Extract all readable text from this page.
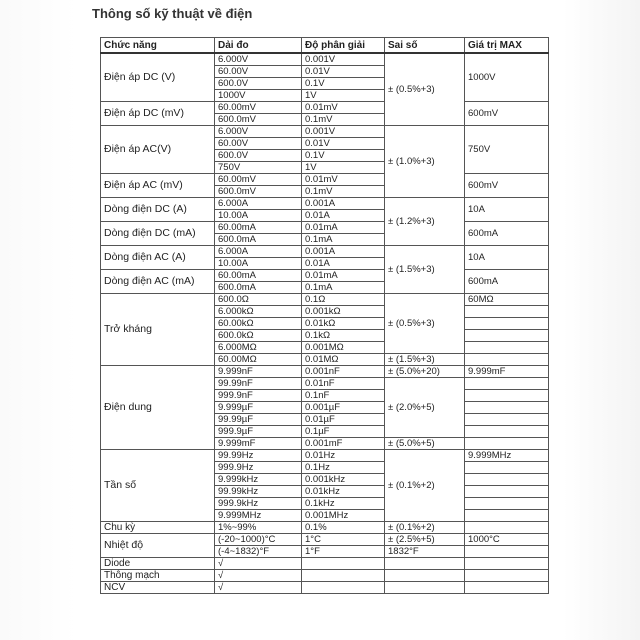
Thông số kỹ thuật về điện
Chức năng	Dải đo	Độ phân giải	Sai số	Giá trị MAX
Điện áp DC (V)	6.000V	0.001V	± (0.5%+3)	1000V
	60.00V	0.01V		
	600.0V	0.1V		
	1000V	1V		
Điện áp DC (mV)	60.00mV	0.01mV		600mV
	600.0mV	0.1mV		
Điện áp AC(V)	6.000V	0.001V	± (1.0%+3)	750V
	60.00V	0.01V		
	600.0V	0.1V		
	750V	1V		
Điện áp AC (mV)	60.00mV	0.01mV		600mV
	600.0mV	0.1mV		
Dòng điện DC (A)	6.000A	0.001A	± (1.2%+3)	10A
	10.00A	0.01A		
Dòng điện DC (mA)	60.00mA	0.01mA		600mA
	600.0mA	0.1mA		
Dòng điện AC (A)	6.000A	0.001A	± (1.5%+3)	10A
	10.00A	0.01A		
Dòng điện AC (mA)	60.00mA	0.01mA		600mA
	600.0mA	0.1mA		
Trở kháng	600.0Ω	0.1Ω	± (0.5%+3)	60MΩ
	6.000kΩ	0.001kΩ		
	60.00kΩ	0.01kΩ		
	600.0kΩ	0.1kΩ		
	6.000MΩ	0.001MΩ		
	60.00MΩ	0.01MΩ	± (1.5%+3)	
Điện dung	9.999nF	0.001nF	± (5.0%+20)	9.999mF
	99.99nF	0.01nF	± (2.0%+5)	
	999.9nF	0.1nF		
	9.999µF	0.001µF		
	99.99µF	0.01µF		
	999.9µF	0.1µF		
	9.999mF	0.001mF	± (5.0%+5)	
Tần số	99.99Hz	0.01Hz	± (0.1%+2)	9.999MHz
	999.9Hz	0.1Hz		
	9.999kHz	0.001kHz		
	99.99kHz	0.01kHz		
	999.9kHz	0.1kHz		
	9.999MHz	0.001MHz		
Chu kỳ	1%~99%	0.1%	± (0.1%+2)	
Nhiệt độ	(-20~1000)°C	1°C	± (2.5%+5)	1000°C
	(-4~1832)°F	1°F	1832°F	
Diode	√			
Thông mạch	√			
NCV	√			
